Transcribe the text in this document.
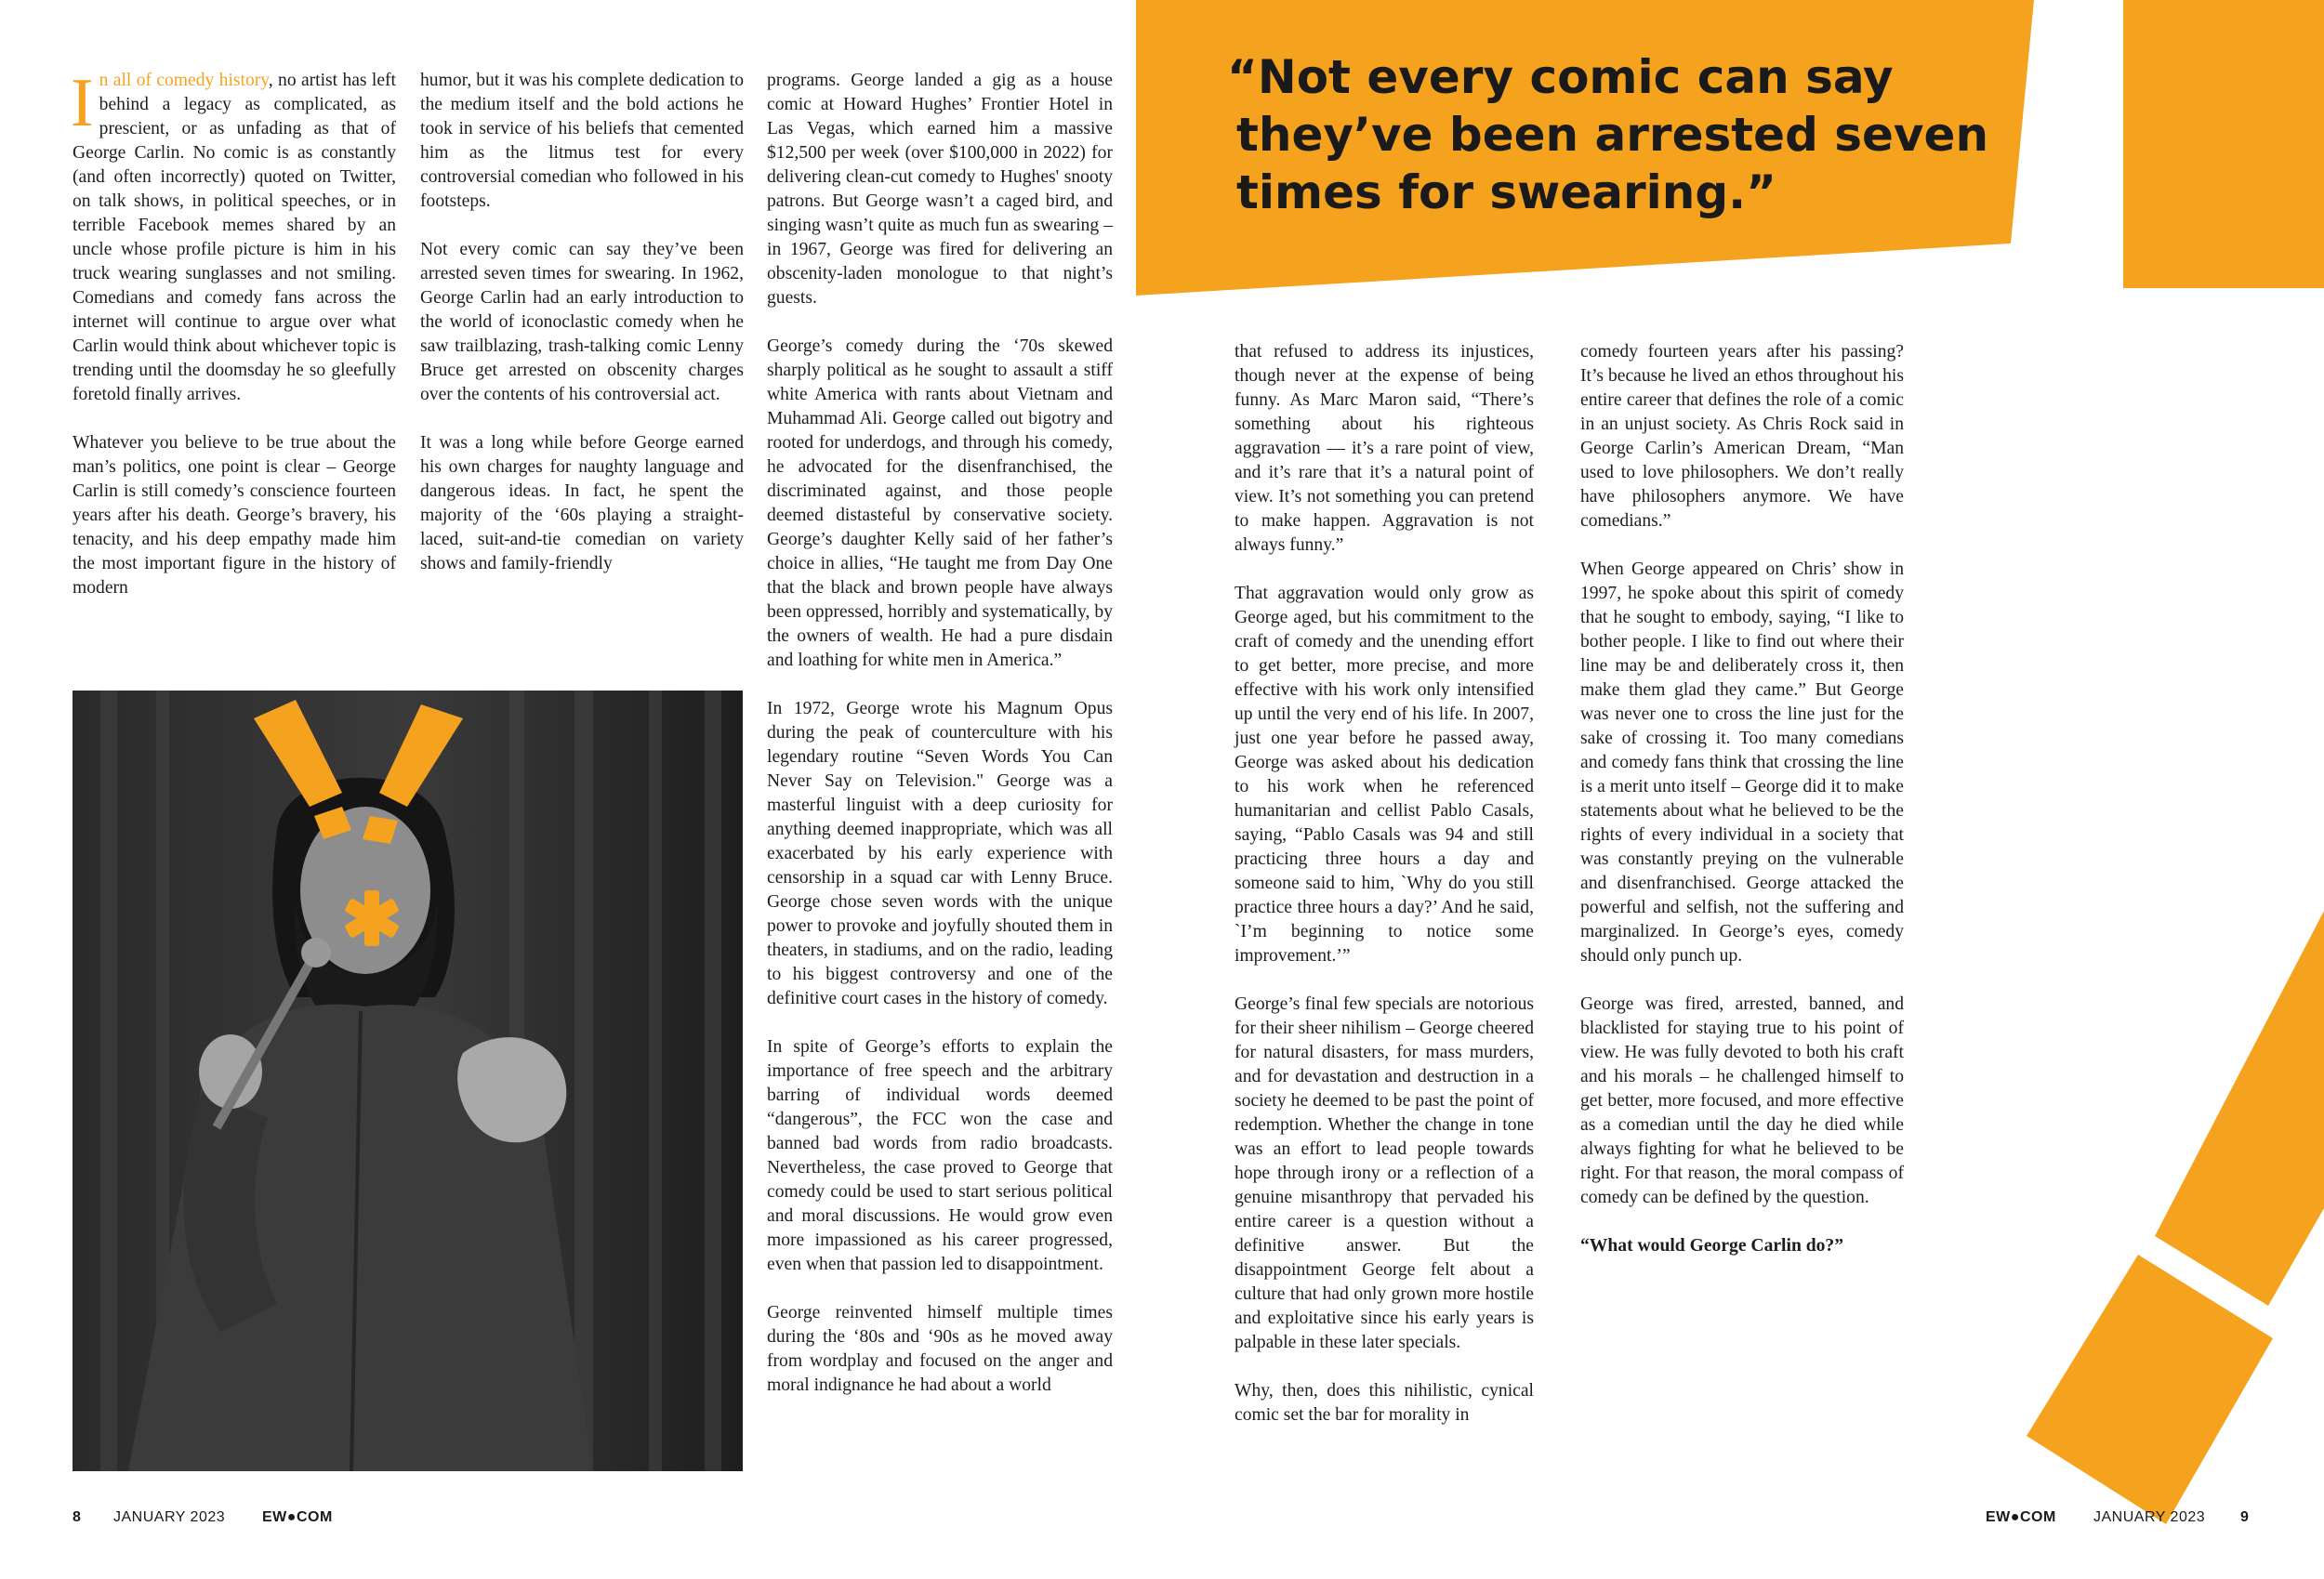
“Not every comic can say
they’ve been arrested seven
times for swearing.”

In all of comedy history, no artist has left behind a legacy as complicated, as prescient, or as unfading as that of George Carlin. No comic is as constantly (and often incorrectly) quoted on Twitter, on talk shows, in political speeches, or in terrible Facebook memes shared by an uncle whose profile picture is him in his truck wearing sunglasses and not smiling. Comedians and comedy fans across the internet will continue to argue over what Carlin would think about whichever topic is trending until the doomsday he so gleefully foretold finally arrives.

Whatever you believe to be true about the man’s politics, one point is clear – George Carlin is still comedy’s conscience fourteen years after his death. George’s bravery, his tenacity, and his deep empathy made him the most important figure in the history of modern

humor, but it was his complete dedication to the medium itself and the bold actions he took in service of his beliefs that cemented him as the litmus test for every controversial comedian who followed in his footsteps.

Not every comic can say they’ve been arrested seven times for swearing. In 1962, George Carlin had an early introduction to the world of iconoclastic comedy when he saw trailblazing, trash-talking comic Lenny Bruce get arrested on obscenity charges over the contents of his controversial act.

It was a long while before George earned his own charges for naughty language and dangerous ideas. In fact, he spent the majority of the ‘60s playing a straight-laced, suit-and-tie comedian on variety shows and family-friendly

programs. George landed a gig as a house comic at Howard Hughes’ Frontier Hotel in Las Vegas, which earned him a massive $12,500 per week (over $100,000 in 2022) for delivering clean-cut comedy to Hughes' snooty patrons. But George wasn’t a caged bird, and singing wasn’t quite as much fun as swearing – in 1967, George was fired for delivering an obscenity-laden monologue to that night’s guests.

George’s comedy during the ‘70s skewed sharply political as he sought to assault a stiff white America with rants about Vietnam and Muhammad Ali. George called out bigotry and rooted for underdogs, and through his comedy, he advocated for the disenfranchised, the discriminated against, and those people deemed distasteful by conservative society. George’s daughter Kelly said of her father’s choice in allies, “He taught me from Day One that the black and brown people have always been oppressed, horribly and systematically, by the owners of wealth. He had a pure disdain and loathing for white men in America.”

In 1972, George wrote his Magnum Opus during the peak of counterculture with his legendary routine “Seven Words You Can Never Say on Television." George was a masterful linguist with a deep curiosity for anything deemed inappropriate, which was all exacerbated by his early experience with censorship in a squad car with Lenny Bruce. George chose seven words with the unique power to provoke and joyfully shouted them in theaters, in stadiums, and on the radio, leading to his biggest controversy and one of the definitive court cases in the history of comedy.

In spite of George’s efforts to explain the importance of free speech and the arbitrary barring of individual words deemed “dangerous”, the FCC won the case and banned bad words from radio broadcasts. Nevertheless, the case proved to George that comedy could be used to start serious political and moral discussions. He would grow even more impassioned as his career progressed, even when that passion led to disappointment.

George reinvented himself multiple times during the ‘80s and ‘90s as he moved away from wordplay and focused on the anger and moral indignance he had about a world

that refused to address its injustices, though never at the expense of being funny. As Marc Maron said, “There’s something about his righteous aggravation — it’s a rare point of view, and it’s rare that it’s a natural point of view. It’s not something you can pretend to make happen. Aggravation is not always funny.”

That aggravation would only grow as George aged, but his commitment to the craft of comedy and the unending effort to get better, more precise, and more effective with his work only intensified up until the very end of his life. In 2007, just one year before he passed away, George was asked about his dedication to his work when he referenced humanitarian and cellist Pablo Casals, saying, “Pablo Casals was 94 and still practicing three hours a day and someone said to him, `Why do you still practice three hours a day?’ And he said, `I’m beginning to notice some improvement.’”

George’s final few specials are notorious for their sheer nihilism – George cheered for natural disasters, for mass murders, and for devastation and destruction in a society he deemed to be past the point of redemption. Whether the change in tone was an effort to lead people towards hope through irony or a reflection of a genuine misanthropy that pervaded his entire career is a question without a definitive answer. But the disappointment George felt about a culture that had only grown more hostile and exploitative since his early years is palpable in these later specials.

Why, then, does this nihilistic, cynical comic set the bar for morality in

comedy fourteen years after his passing? It’s because he lived an ethos throughout his entire career that defines the role of a comic in an unjust society. As Chris Rock said in George Carlin’s American Dream, “Man used to love philosophers. We don’t really have philosophers anymore. We have comedians.”

When George appeared on Chris’ show in 1997, he spoke about this spirit of comedy that he sought to embody, saying, “I like to bother people. I like to find out where their line may be and deliberately cross it, then make them glad they came.” But George was never one to cross the line just for the sake of crossing it. Too many comedians and comedy fans think that crossing the line is a merit unto itself – George did it to make statements about what he believed to be the rights of every individual in a society that was constantly preying on the vulnerable and disenfranchised. George attacked the powerful and selfish, not the suffering and marginalized. In George’s eyes, comedy should only punch up.

George was fired, arrested, banned, and blacklisted for staying true to his point of view. He was fully devoted to both his craft and his morals – he challenged himself to get better, more focused, and more effective as a comedian until the day he died while always fighting for what he believed to be right. For that reason, the moral compass of comedy can be defined by the question.

“What would George Carlin do?”

8 JANUARY 2023 EW●COM	EW●COM	JANUARY 2023 9
